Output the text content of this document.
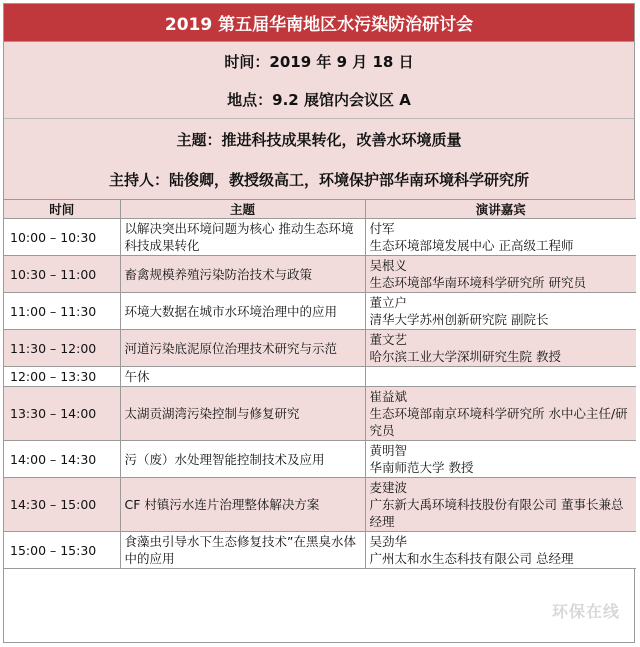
2019 第五届华南地区水污染防治研讨会
时间：2019 年 9 月 18 日
地点：9.2 展馆内会议区 A
主题：推进科技成果转化，改善水环境质量
主持人：陆俊卿，教授级高工，环境保护部华南环境科学研究所
时间	主题	演讲嘉宾
10:00 – 10:30	以解决突出环境问题为核心 推动生态环境科技成果转化	付军
生态环境部境发展中心 正高级工程师

10:30 – 11:00	畜禽规模养殖污染防治技术与政策	吴根义
生态环境部华南环境科学研究所 研究员

11:00 – 11:30	环境大数据在城市水环境治理中的应用	董立户
清华大学苏州创新研究院 副院长

11:30 – 12:00	河道污染底泥原位治理技术研究与示范	董文艺
哈尔滨工业大学深圳研究生院 教授

12:00 – 13:30	午休	

13:30 – 14:00	太湖贡湖湾污染控制与修复研究	崔益斌
生态环境部南京环境科学研究所 水中心主任/研究员

14:00 – 14:30	污（废）水处理智能控制技术及应用	黄明智
华南师范大学 教授

14:30 – 15:00	CF 村镇污水连片治理整体解决方案	麦建波
广东新大禹环境科技股份有限公司 董事长兼总经理

15:00 – 15:30	食藻虫引导水下生态修复技术”在黑臭水体中的应用	吴劲华
广州太和水生态科技有限公司 总经理
环保在线
